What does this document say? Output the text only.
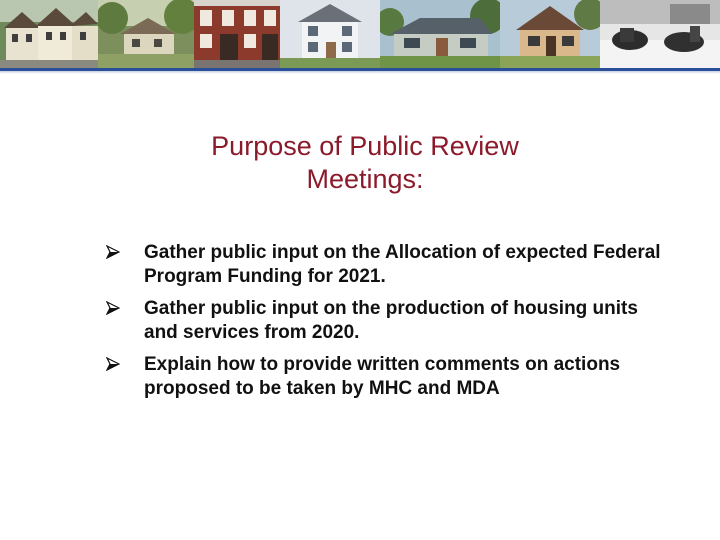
Purpose of Public Review Meetings:
Gather public input on the Allocation of expected Federal Program Funding for 2021.
Gather public input on the production of housing units and services from 2020.
Explain how to provide written comments on actions proposed to be taken by MHC and MDA
